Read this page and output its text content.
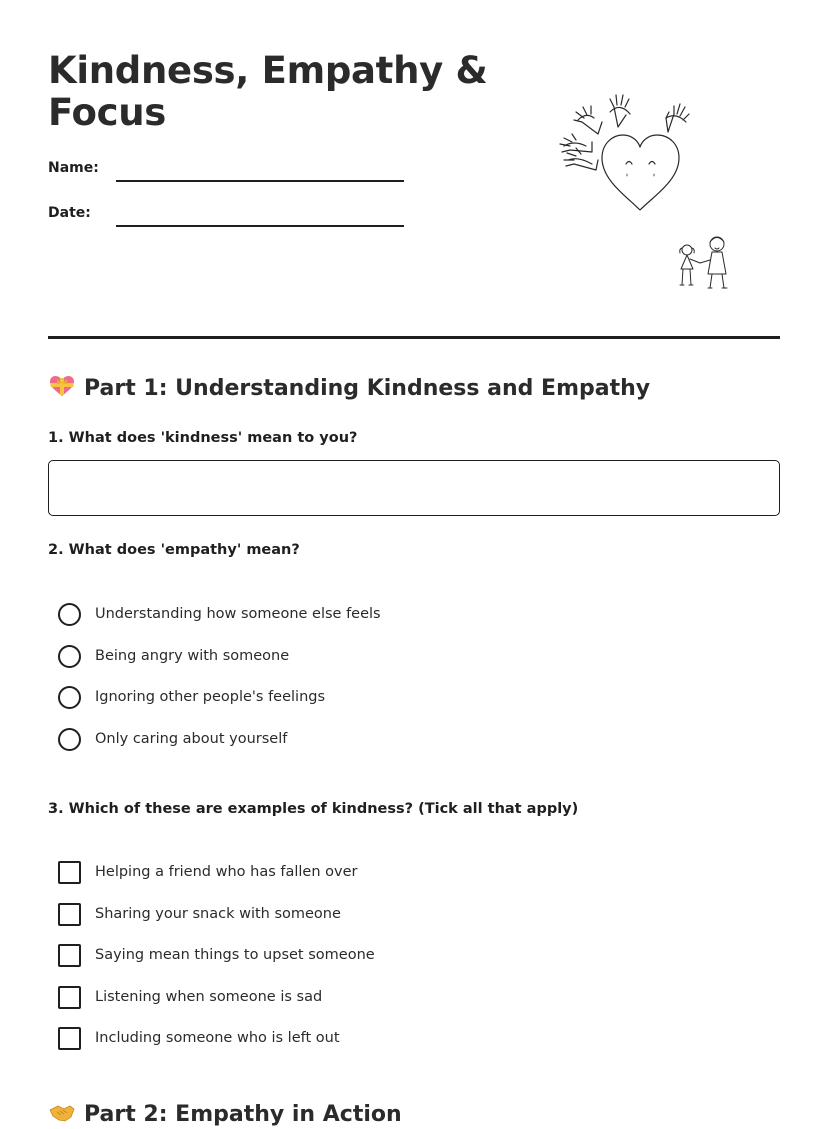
Kindness, Empathy & Focus
Name:
Date:
Part 1: Understanding Kindness and Empathy

1. What does 'kindness' mean to you?

2. What does 'empathy' mean?

Understanding how someone else feels
Being angry with someone
Ignoring other people's feelings
Only caring about yourself

3. Which of these are examples of kindness? (Tick all that apply)

Helping a friend who has fallen over
Sharing your snack with someone
Saying mean things to upset someone
Listening when someone is sad
Including someone who is left out
Part 2: Empathy in Action
